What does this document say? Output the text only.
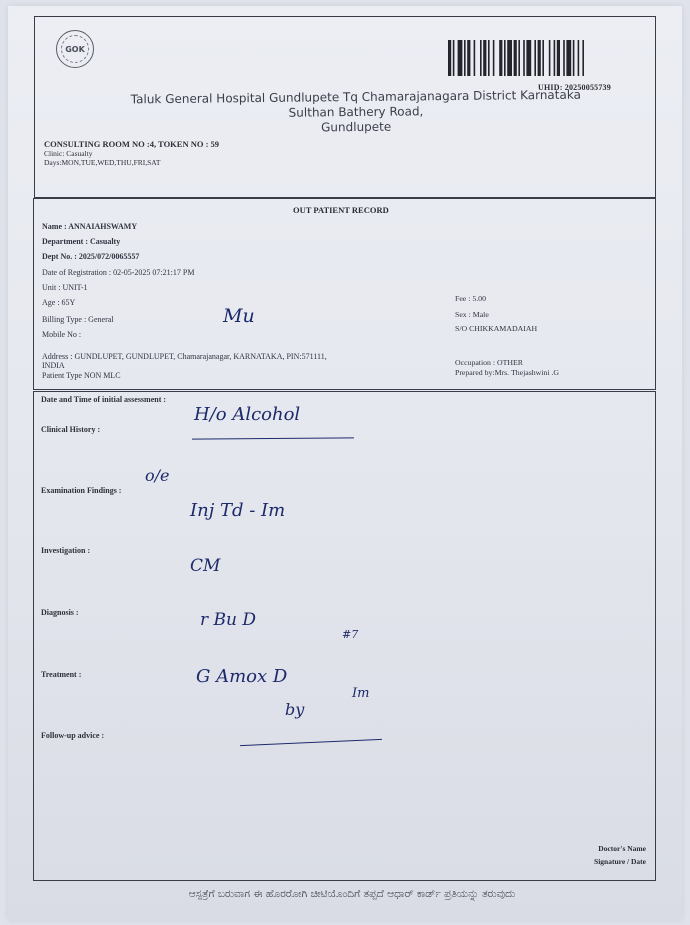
GOK
UHID: 20250055739
Taluk General Hospital Gundlupete Tq Chamarajanagara District Karnataka
Sulthan Bathery Road,
Gundlupete
CONSULTING ROOM NO :4, TOKEN NO : 59
Clinic: Casualty
Days:MON,TUE,WED,THU,FRI,SAT
OUT PATIENT RECORD
Name : ANNAIAHSWAMY
Department : Casualty
Dept No. : 2025/072/0065557
Date of Registration : 02-05-2025 07:21:17 PM
Unit : UNIT-1
Age : 65Y
Billing Type : General
Mobile No :
Address : GUNDLUPET, GUNDLUPET, Chamarajanagar, KARNATAKA, PIN:571111,
INDIA
Patient Type NON MLC
Fee : 5.00
Sex : Male
S/O CHIKKAMADAIAH
Occupation : OTHER
Prepared by:Mrs. Thejashwini .G
Mu
Date and Time of initial assessment :
Clinical History :
H/o Alcohol
Examination Findings :
o/e
Inj Td - Im
Investigation :
CM
Diagnosis :	r Bu D
#7
Treatment :	G Amox D
Im
by
Follow-up advice :
Doctor's Name
Signature / Date
ಆಸ್ಪತ್ರೆಗೆ ಬರುವಾಗ ಈ ಹೊರರೋಗಿ ಚೀಟಿಯೊಂದಿಗೆ ತಪ್ಪದೆ ಆಧಾರ್ ಕಾರ್ಡ್ ಪ್ರತಿಯನ್ನು ತರುವುದು
